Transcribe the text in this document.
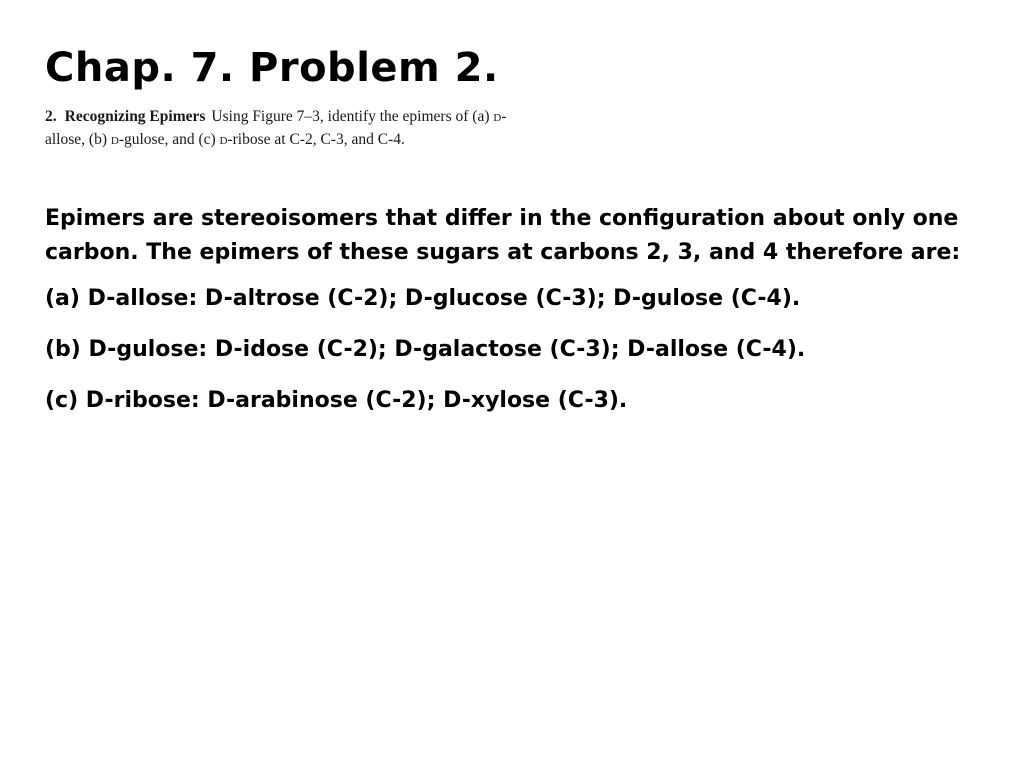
Chap. 7. Problem 2.

2. Recognizing Epimers Using Figure 7–3, identify the epimers of (a) D-allose, (b) D-gulose, and (c) D-ribose at C-2, C-3, and C-4.

Epimers are stereoisomers that differ in the configuration about only one carbon. The epimers of these sugars at carbons 2, 3, and 4 therefore are:

(a) D-allose: D-altrose (C-2); D-glucose (C-3); D-gulose (C-4).

(b) D-gulose: D-idose (C-2); D-galactose (C-3); D-allose (C-4).

(c) D-ribose: D-arabinose (C-2); D-xylose (C-3).
